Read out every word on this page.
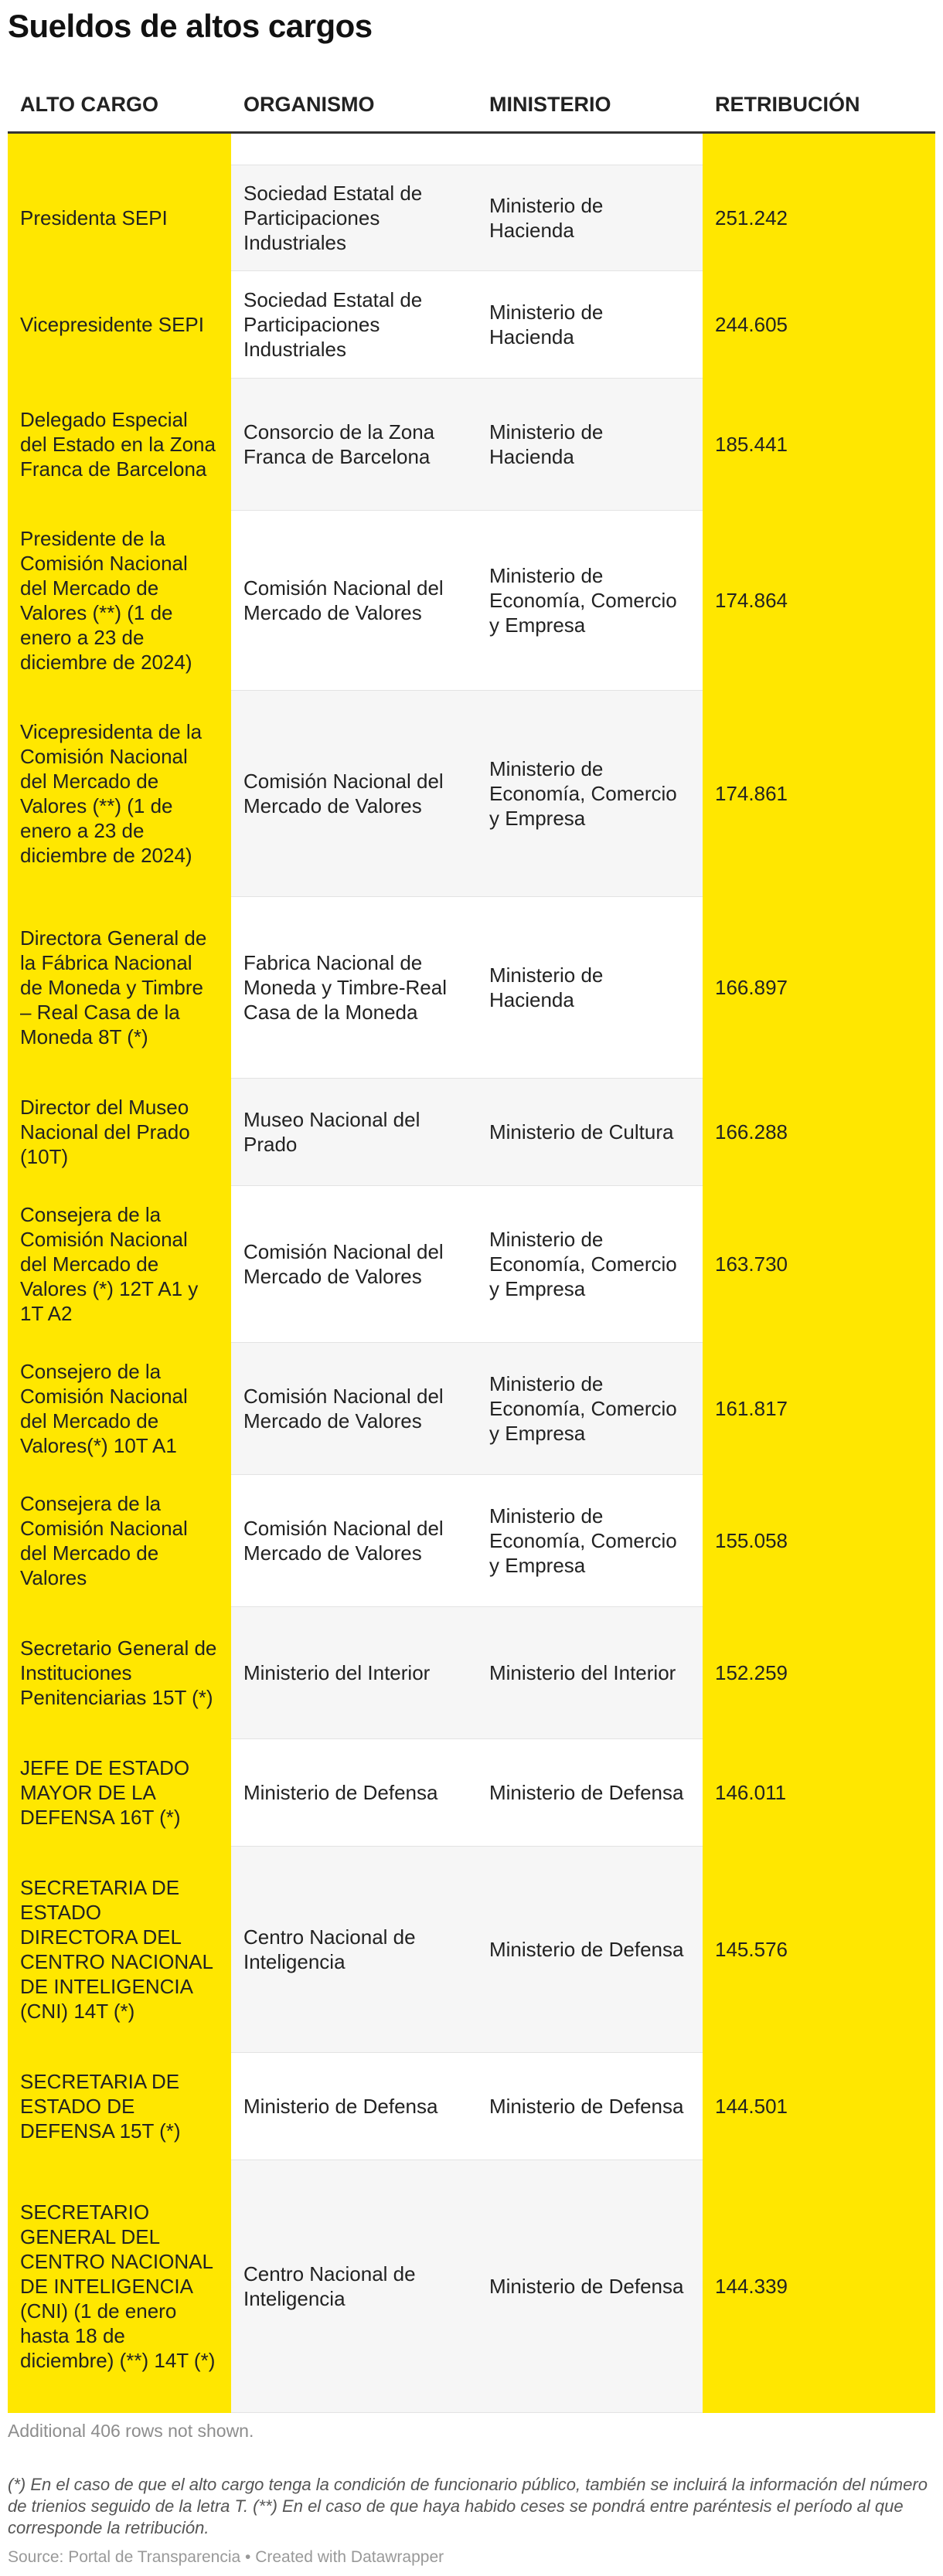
Sueldos de altos cargos
ALTO CARGO	ORGANISMO	MINISTERIO	RETRIBUCIÓN

Presidenta SEPI	Sociedad Estatal de Participaciones Industriales	Ministerio de Hacienda	251.242
Vicepresidente SEPI	Sociedad Estatal de Participaciones Industriales	Ministerio de Hacienda	244.605
Delegado Especial del Estado en la Zona Franca de Barcelona	Consorcio de la Zona Franca de Barcelona	Ministerio de Hacienda	185.441
Presidente de la Comisión Nacional del Mercado de Valores (**) (1 de enero a 23 de diciembre de 2024)	Comisión Nacional del Mercado de Valores	Ministerio de Economía, Comercio y Empresa	174.864
Vicepresidenta de la Comisión Nacional del Mercado de Valores (**) (1 de enero a 23 de diciembre de 2024)	Comisión Nacional del Mercado de Valores	Ministerio de Economía, Comercio y Empresa	174.861
Directora General de la Fábrica Nacional de Moneda y Timbre – Real Casa de la Moneda 8T (*)	Fabrica Nacional de Moneda y Timbre-Real Casa de la Moneda	Ministerio de Hacienda	166.897
Director del Museo Nacional del Prado (10T)	Museo Nacional del Prado	Ministerio de Cultura	166.288
Consejera de la Comisión Nacional del Mercado de Valores (*) 12T A1 y 1T A2	Comisión Nacional del Mercado de Valores	Ministerio de Economía, Comercio y Empresa	163.730
Consejero de la Comisión Nacional del Mercado de Valores(*) 10T A1	Comisión Nacional del Mercado de Valores	Ministerio de Economía, Comercio y Empresa	161.817
Consejera de la Comisión Nacional del Mercado de Valores	Comisión Nacional del Mercado de Valores	Ministerio de Economía, Comercio y Empresa	155.058
Secretario General de Instituciones Penitenciarias 15T (*)	Ministerio del Interior	Ministerio del Interior	152.259
JEFE DE ESTADO MAYOR DE LA DEFENSA 16T (*)	Ministerio de Defensa	Ministerio de Defensa	146.011
SECRETARIA DE ESTADO DIRECTORA DEL CENTRO NACIONAL DE INTELIGENCIA (CNI) 14T (*)	Centro Nacional de Inteligencia	Ministerio de Defensa	145.576
SECRETARIA DE ESTADO DE DEFENSA 15T (*)	Ministerio de Defensa	Ministerio de Defensa	144.501
SECRETARIO GENERAL DEL CENTRO NACIONAL DE INTELIGENCIA (CNI) (1 de enero hasta 18 de diciembre) (**) 14T (*)	Centro Nacional de Inteligencia	Ministerio de Defensa	144.339
Additional 406 rows not shown.
(*) En el caso de que el alto cargo tenga la condición de funcionario público, también se incluirá la información del número de trienios seguido de la letra T. (**) En el caso de que haya habido ceses se pondrá entre paréntesis el período al que corresponde la retribución.
Source: Portal de Transparencia • Created with Datawrapper
